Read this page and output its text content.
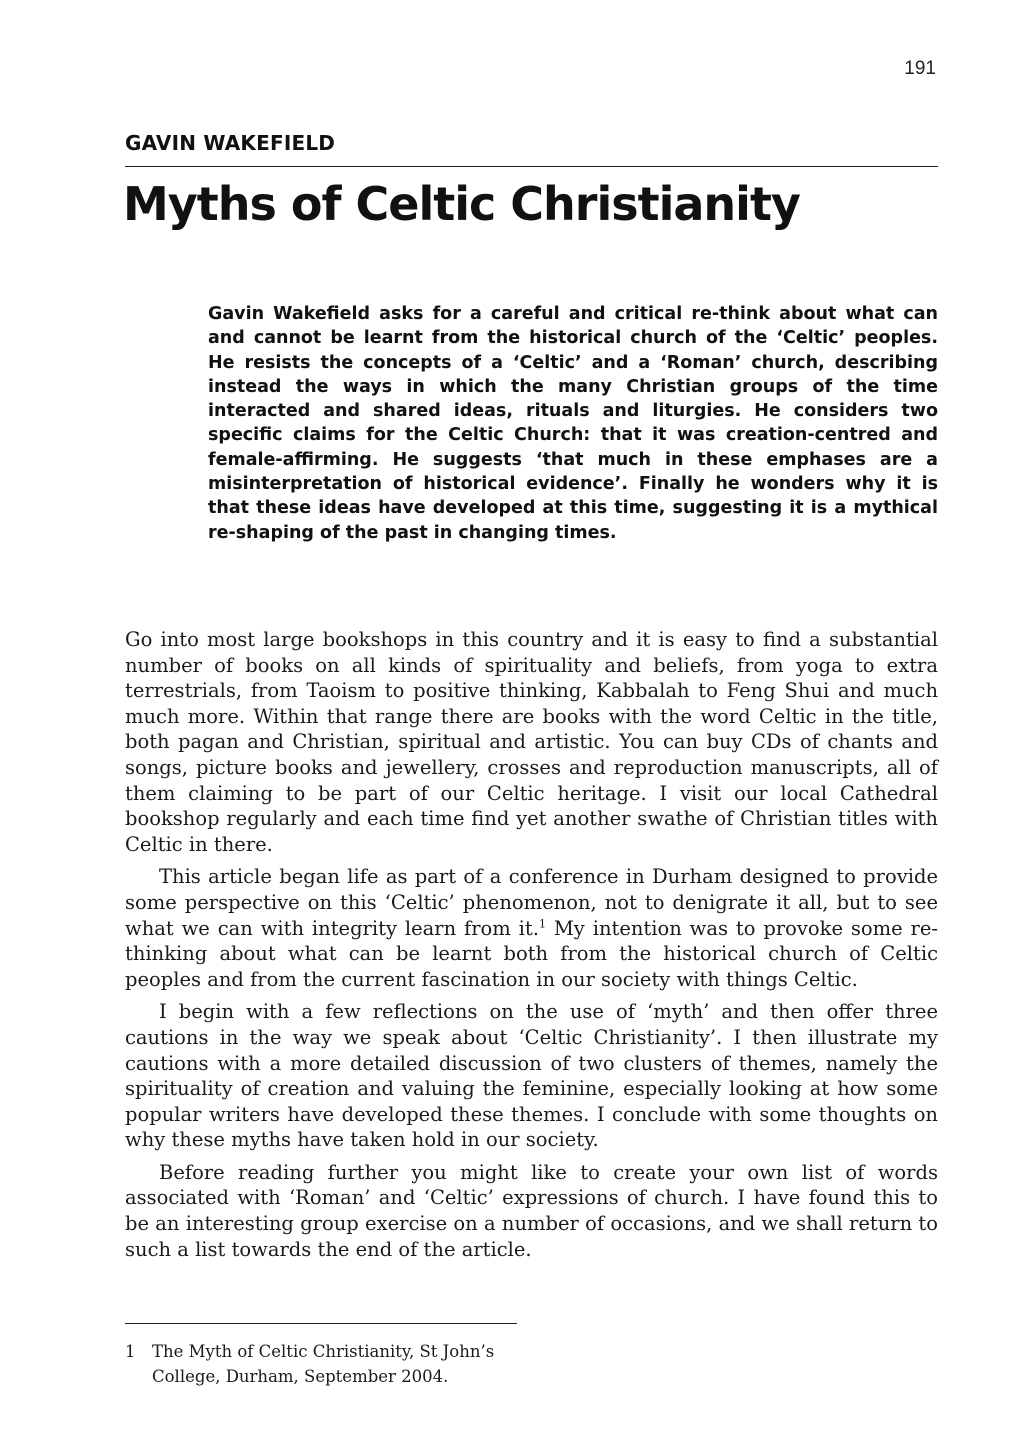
191
GAVIN WAKEFIELD
Myths of Celtic Christianity

Gavin Wakefield asks for a careful and critical re-think about what can and cannot be learnt from the historical church of the ‘Celtic’ peoples. He resists the concepts of a ‘Celtic’ and a ‘Roman’ church, describing instead the ways in which the many Christian groups of the time interacted and shared ideas, rituals and liturgies. He considers two specific claims for the Celtic Church: that it was creation-centred and female-affirming. He suggests ‘that much in these emphases are a misinterpretation of historical evidence’. Finally he wonders why it is that these ideas have developed at this time, suggesting it is a mythical re-shaping of the past in changing times.

Go into most large bookshops in this country and it is easy to find a substantial number of books on all kinds of spirituality and beliefs, from yoga to extra terrestrials, from Taoism to positive thinking, Kabbalah to Feng Shui and much much more. Within that range there are books with the word Celtic in the title, both pagan and Christian, spiritual and artistic. You can buy CDs of chants and songs, picture books and jewellery, crosses and reproduction manuscripts, all of them claiming to be part of our Celtic heritage. I visit our local Cathedral bookshop regularly and each time find yet another swathe of Christian titles with Celtic in there.

This article began life as part of a conference in Durham designed to provide some perspective on this ‘Celtic’ phenomenon, not to denigrate it all, but to see what we can with integrity learn from it.$^1$ My intention was to provoke some re-thinking about what can be learnt both from the historical church of Celtic peoples and from the current fascination in our society with things Celtic.

I begin with a few reflections on the use of ‘myth’ and then offer three cautions in the way we speak about ‘Celtic Christianity’. I then illustrate my cautions with a more detailed discussion of two clusters of themes, namely the spirituality of creation and valuing the feminine, especially looking at how some popular writers have developed these themes. I conclude with some thoughts on why these myths have taken hold in our society.

Before reading further you might like to create your own list of words associated with ‘Roman’ and ‘Celtic’ expressions of church. I have found this to be an interesting group exercise on a number of occasions, and we shall return to such a list towards the end of the article.

1	The Myth of Celtic Christianity, St John’s College, Durham, September 2004.
